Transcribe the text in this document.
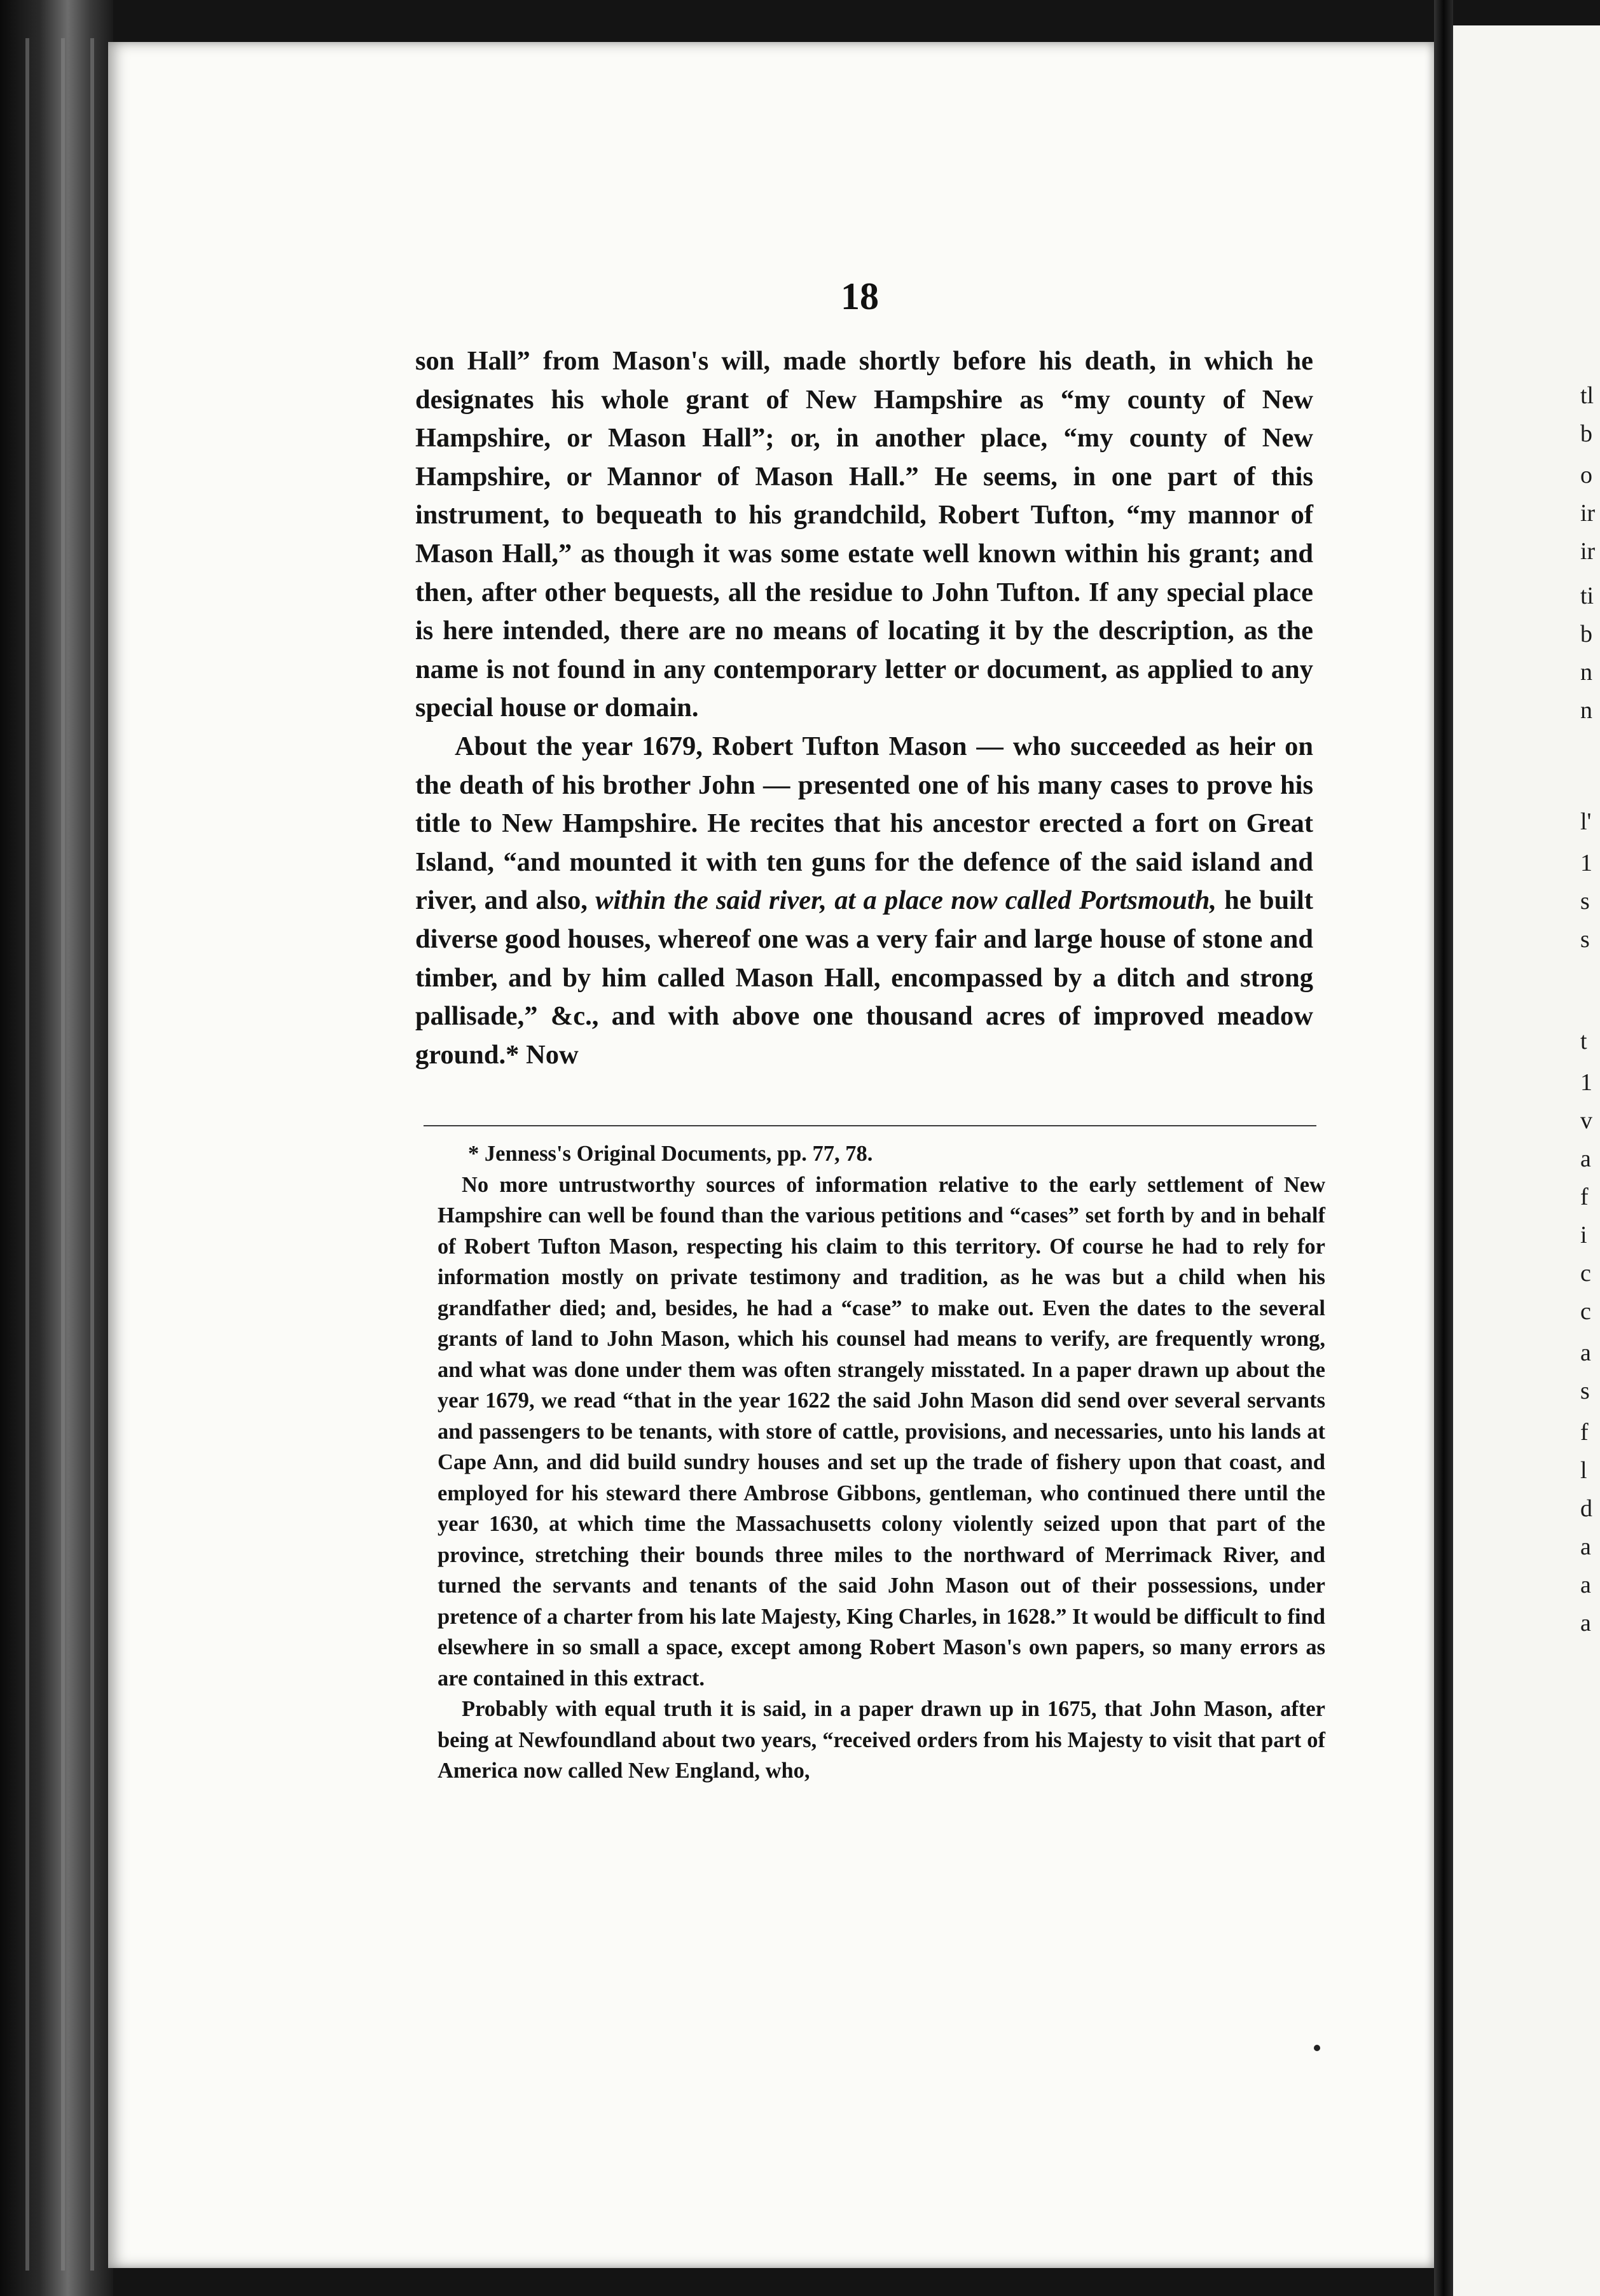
tl
b
o
ir
ir
ti
b
n
n
l'
1
s
s
t
1
v
a
f
i
c
c
a
s
f
l
d
a
a
a
18

son Hall” from Mason's will, made shortly before his death, in which he designates his whole grant of New Hampshire as “my county of New Hampshire, or Mason Hall”; or, in another place, “my county of New Hampshire, or Mannor of Mason Hall.” He seems, in one part of this instrument, to bequeath to his grandchild, Robert Tufton, “my mannor of Mason Hall,” as though it was some estate well known within his grant; and then, after other bequests, all the residue to John Tufton. If any special place is here intended, there are no means of locating it by the description, as the name is not found in any contemporary letter or document, as applied to any special house or domain.

About the year 1679, Robert Tufton Mason — who succeeded as heir on the death of his brother John — presented one of his many cases to prove his title to New Hampshire. He recites that his ancestor erected a fort on Great Island, “and mounted it with ten guns for the defence of the said island and river, and also, within the said river, at a place now called Portsmouth, he built diverse good houses, whereof one was a very fair and large house of stone and timber, and by him called Mason Hall, encompassed by a ditch and strong pallisade,” &c., and with above one thousand acres of improved meadow ground.* Now

* Jenness's Original Documents, pp. 77, 78.

No more untrustworthy sources of information relative to the early settlement of New Hampshire can well be found than the various petitions and “cases” set forth by and in behalf of Robert Tufton Mason, respecting his claim to this territory. Of course he had to rely for information mostly on private testimony and tradition, as he was but a child when his grandfather died; and, besides, he had a “case” to make out. Even the dates to the several grants of land to John Mason, which his counsel had means to verify, are frequently wrong, and what was done under them was often strangely misstated. In a paper drawn up about the year 1679, we read “that in the year 1622 the said John Mason did send over several servants and passengers to be tenants, with store of cattle, provisions, and necessaries, unto his lands at Cape Ann, and did build sundry houses and set up the trade of fishery upon that coast, and employed for his steward there Ambrose Gibbons, gentleman, who continued there until the year 1630, at which time the Massachusetts colony violently seized upon that part of the province, stretching their bounds three miles to the northward of Merrimack River, and turned the servants and tenants of the said John Mason out of their possessions, under pretence of a charter from his late Majesty, King Charles, in 1628.” It would be difficult to find elsewhere in so small a space, except among Robert Mason's own papers, so many errors as are contained in this extract.

Probably with equal truth it is said, in a paper drawn up in 1675, that John Mason, after being at Newfoundland about two years, “received orders from his Majesty to visit that part of America now called New England, who,
